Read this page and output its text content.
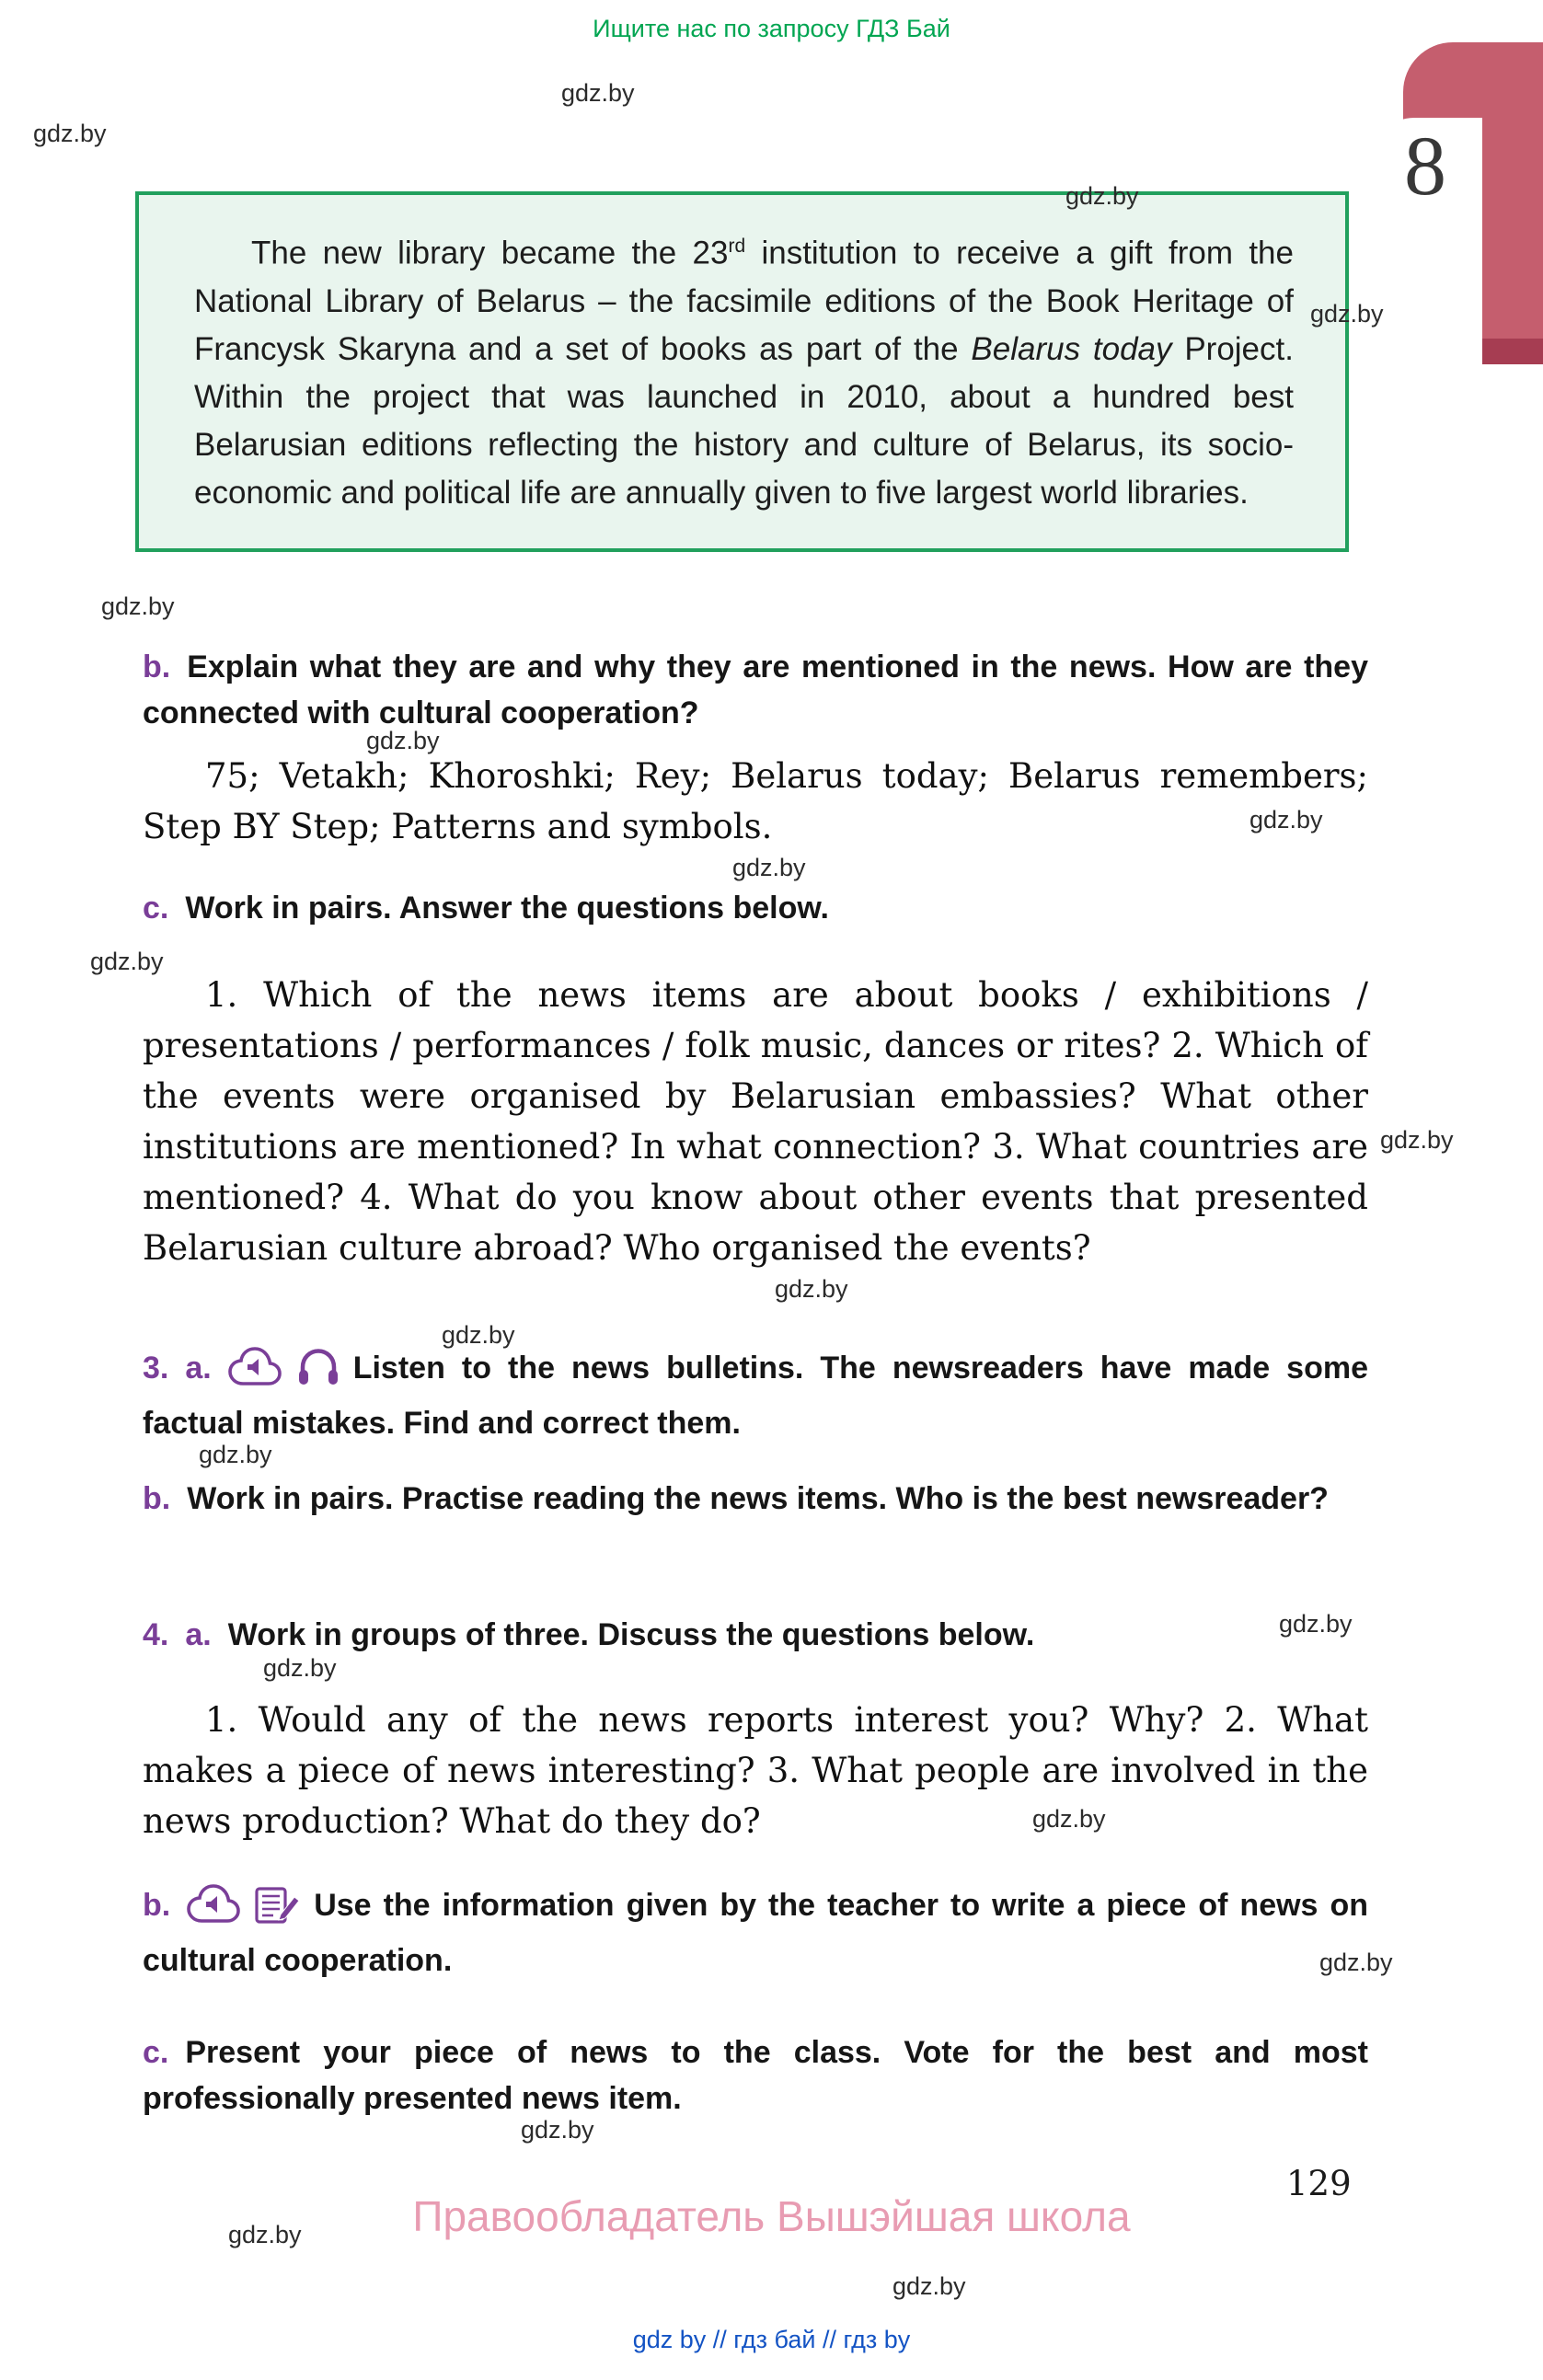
Ищите нас по запросу ГДЗ Бай
8
The new library became the 23rd institution to receive a gift from the National Library of Belarus – the facsimile editions of the Book Heritage of Francysk Skaryna and a set of books as part of the Belarus today Project. Within the project that was launched in 2010, about a hundred best Belarusian editions reflecting the history and culture of Belarus, its socio-economic and political life are annually given to five largest world libraries.

b. Explain what they are and why they are mentioned in the news. How are they connected with cultural cooperation?

75; Vetakh; Khoroshki; Rey; Belarus today; Belarus remembers; Step BY Step; Patterns and symbols.

c. Work in pairs. Answer the questions below.

1. Which of the news items are about books / exhibitions / presentations / performances / folk music, dances or rites? 2. Which of the events were organised by Belarusian embassies? What other institutions are mentioned? In what connection? 3. What countries are mentioned? 4. What do you know about other events that presented Belarusian culture abroad? Who organised the events?

3. a.	Listen to the news bulletins. The newsreaders have made some factual mistakes. Find and correct them.

b. Work in pairs. Practise reading the news items. Who is the best newsreader?

4. a. Work in groups of three. Discuss the questions below.

1. Would any of the news reports interest you? Why? 2. What makes a piece of news interesting? 3. What people are involved in the news production? What do they do?

b.	Use the information given by the teacher to write a piece of news on cultural cooperation.

c. Present your piece of news to the class. Vote for the best and most professionally presented news item.

129
Правообладатель Вышэйшая школа
gdz by // гдз бай // гдз by
gdz.by
gdz.by
gdz.by
gdz.by
gdz.by
gdz.by
gdz.by
gdz.by
gdz.by
gdz.by
gdz.by
gdz.by
gdz.by
gdz.by
gdz.by
gdz.by
gdz.by
gdz.by
gdz.by
gdz.by
